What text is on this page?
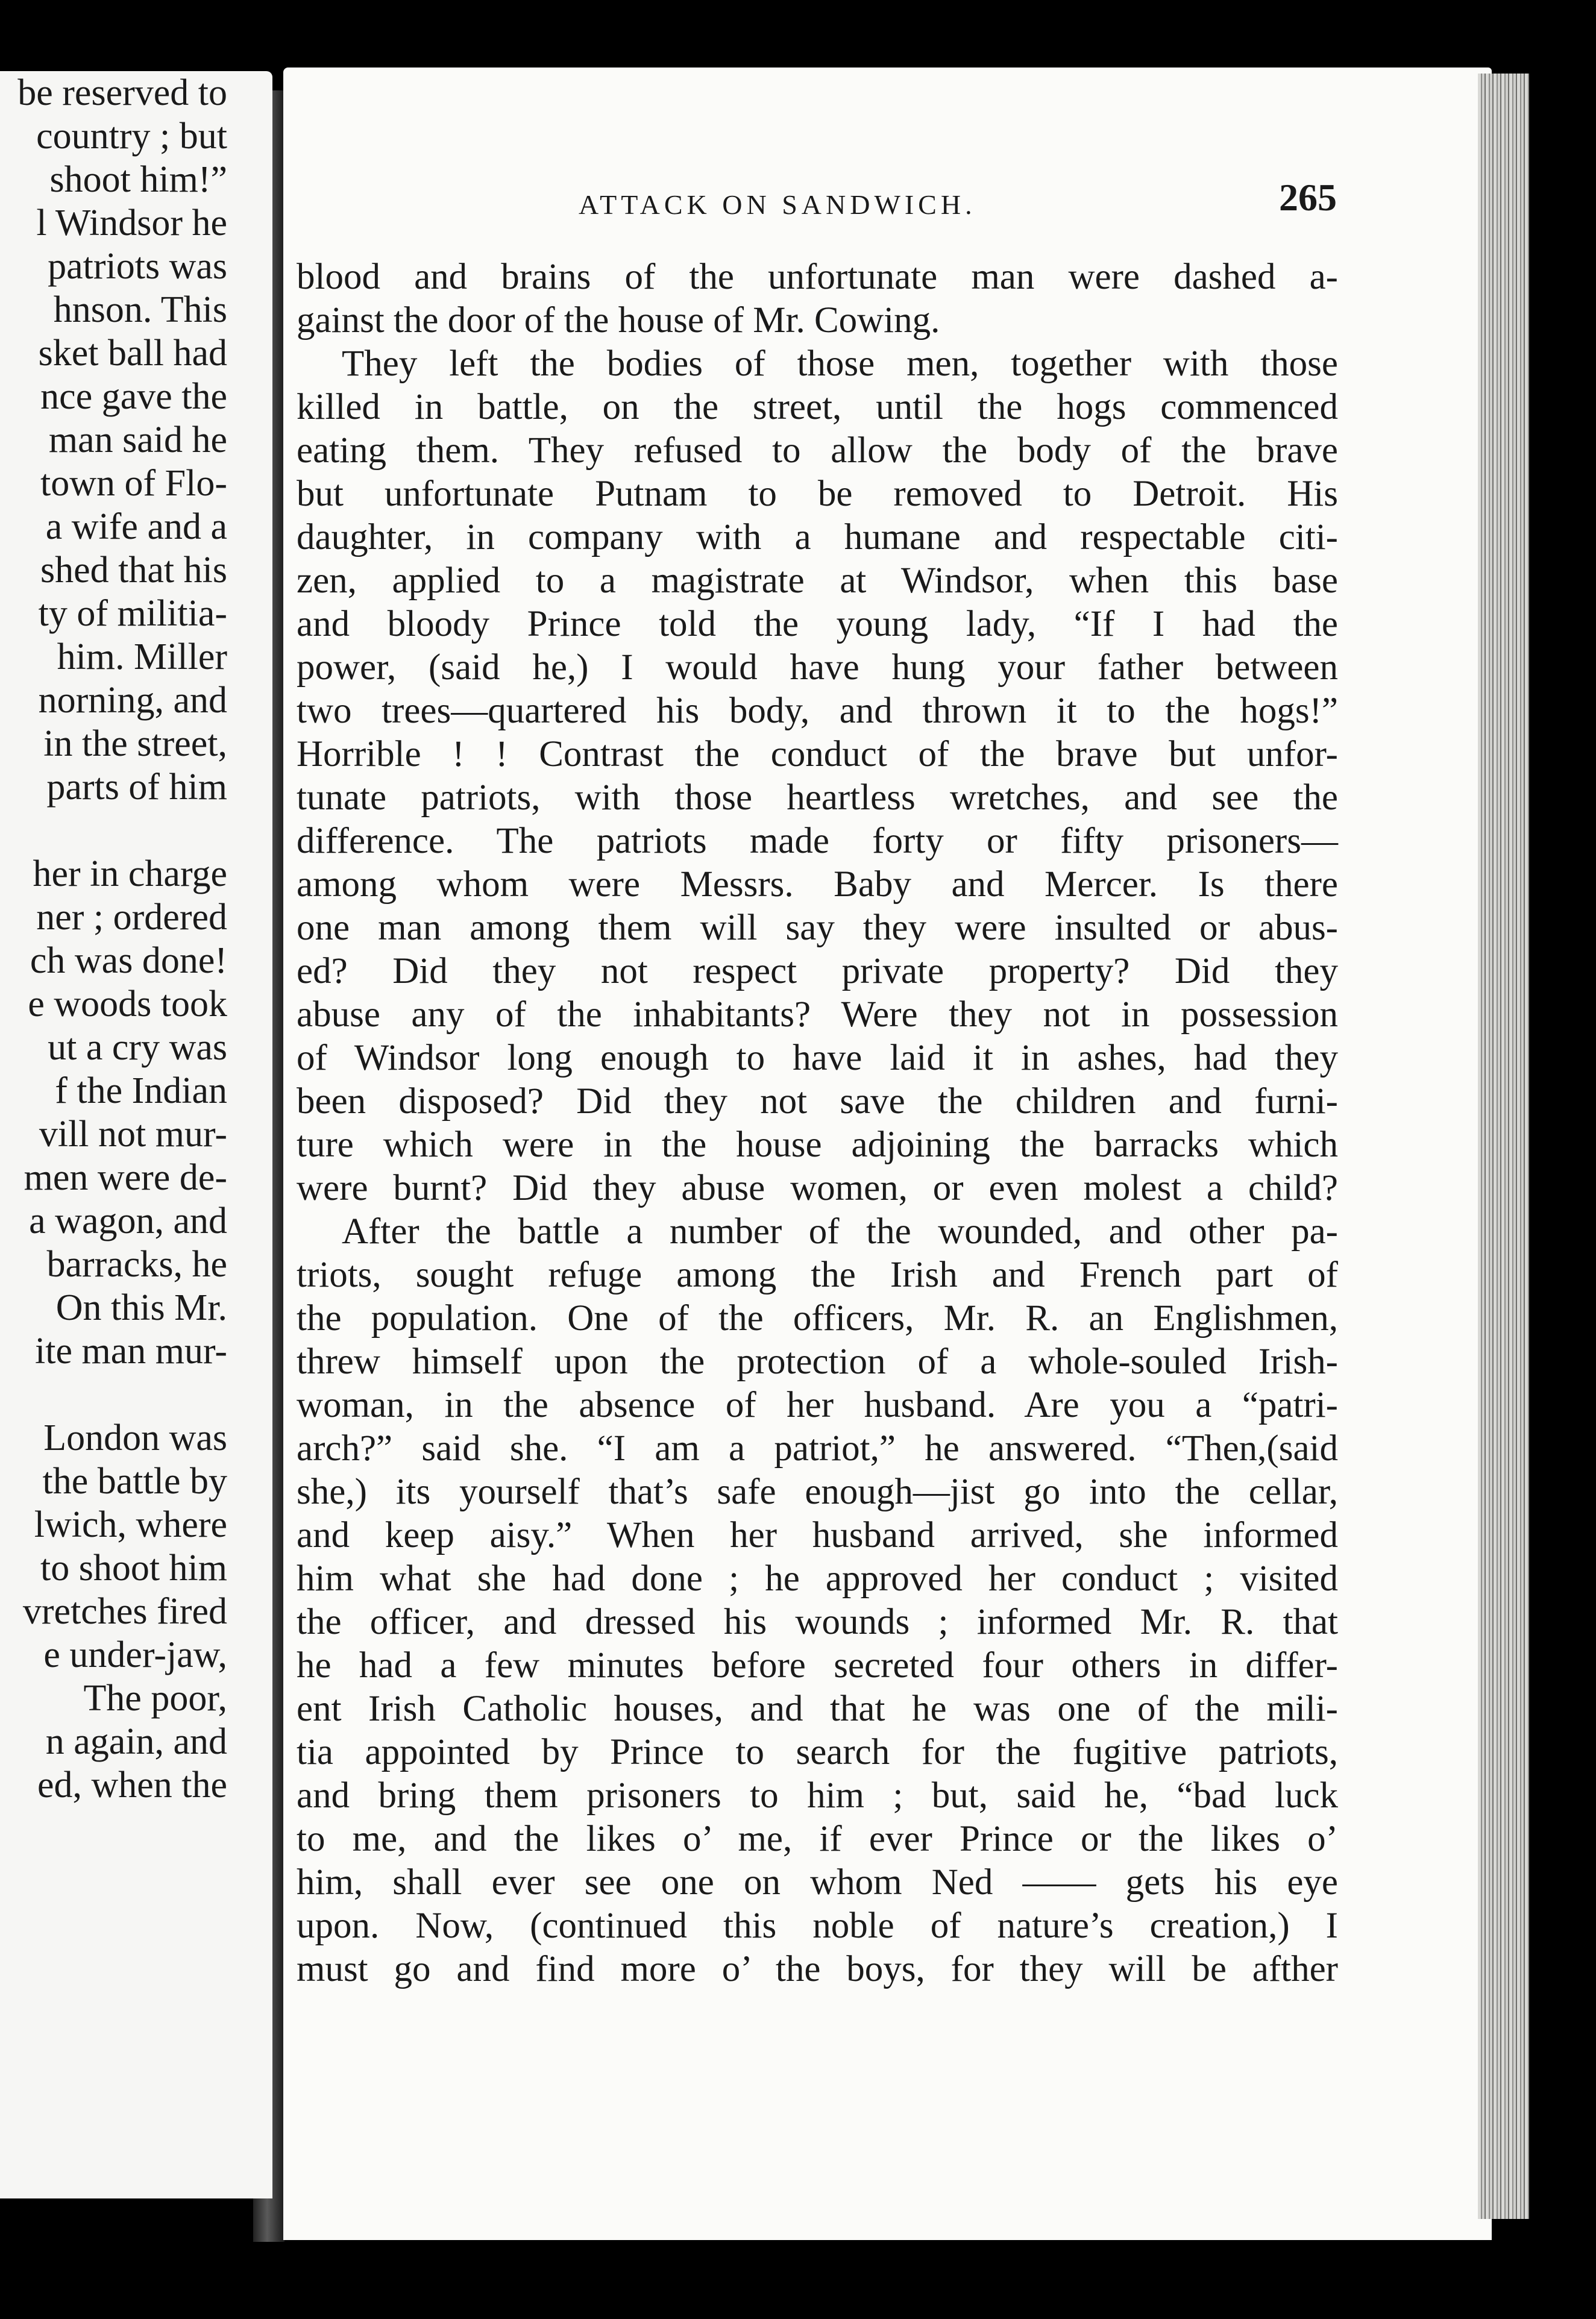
be reserved to
country ; but
shoot him!”
l Windsor he
patriots was
hnson. This
sket ball had
nce gave the
man said he
town of Flo-
a wife and a
shed that his
ty of militia-
him. Miller
norning, and
in the street,
parts of him
her in charge
ner ; ordered
ch was done!
e woods took
ut a cry was
f the Indian
vill not mur-
men were de-
a wagon, and
barracks, he
On this Mr.
ite man mur-
London was
the battle by
lwich, where
to shoot him
vretches fired
e under-jaw,
The poor,
n again, and
ed, when the
ATTACK ON SANDWICH.	265
blood and brains of the unfortunate man were dashed a-
gainst the door of the house of Mr. Cowing.
They left the bodies of those men, together with those
killed in battle, on the street, until the hogs commenced
eating them. They refused to allow the body of the brave
but unfortunate Putnam to be removed to Detroit. His
daughter, in company with a humane and respectable citi-
zen, applied to a magistrate at Windsor, when this base
and bloody Prince told the young lady, “If I had the
power, (said he,) I would have hung your father between
two trees—quartered his body, and thrown it to the hogs!”
Horrible ! ! Contrast the conduct of the brave but unfor-
tunate patriots, with those heartless wretches, and see the
difference. The patriots made forty or fifty prisoners—
among whom were Messrs. Baby and Mercer. Is there
one man among them will say they were insulted or abus-
ed? Did they not respect private property? Did they
abuse any of the inhabitants? Were they not in possession
of Windsor long enough to have laid it in ashes, had they
been disposed? Did they not save the children and furni-
ture which were in the house adjoining the barracks which
were burnt? Did they abuse women, or even molest a child?
After the battle a number of the wounded, and other pa-
triots, sought refuge among the Irish and French part of
the population. One of the officers, Mr. R. an Englishmen,
threw himself upon the protection of a whole-souled Irish-
woman, in the absence of her husband. Are you a “patri-
arch?” said she. “I am a patriot,” he answered. “Then,(said
she,) its yourself that’s safe enough—jist go into the cellar,
and keep aisy.” When her husband arrived, she informed
him what she had done ; he approved her conduct ; visited
the officer, and dressed his wounds ; informed Mr. R. that
he had a few minutes before secreted four others in differ-
ent Irish Catholic houses, and that he was one of the mili-
tia appointed by Prince to search for the fugitive patriots,
and bring them prisoners to him ; but, said he, “bad luck
to me, and the likes o’ me, if ever Prince or the likes o’
him, shall ever see one on whom Ned —— gets his eye
upon. Now, (continued this noble of nature’s creation,) I
must go and find more o’ the boys, for they will be afther
